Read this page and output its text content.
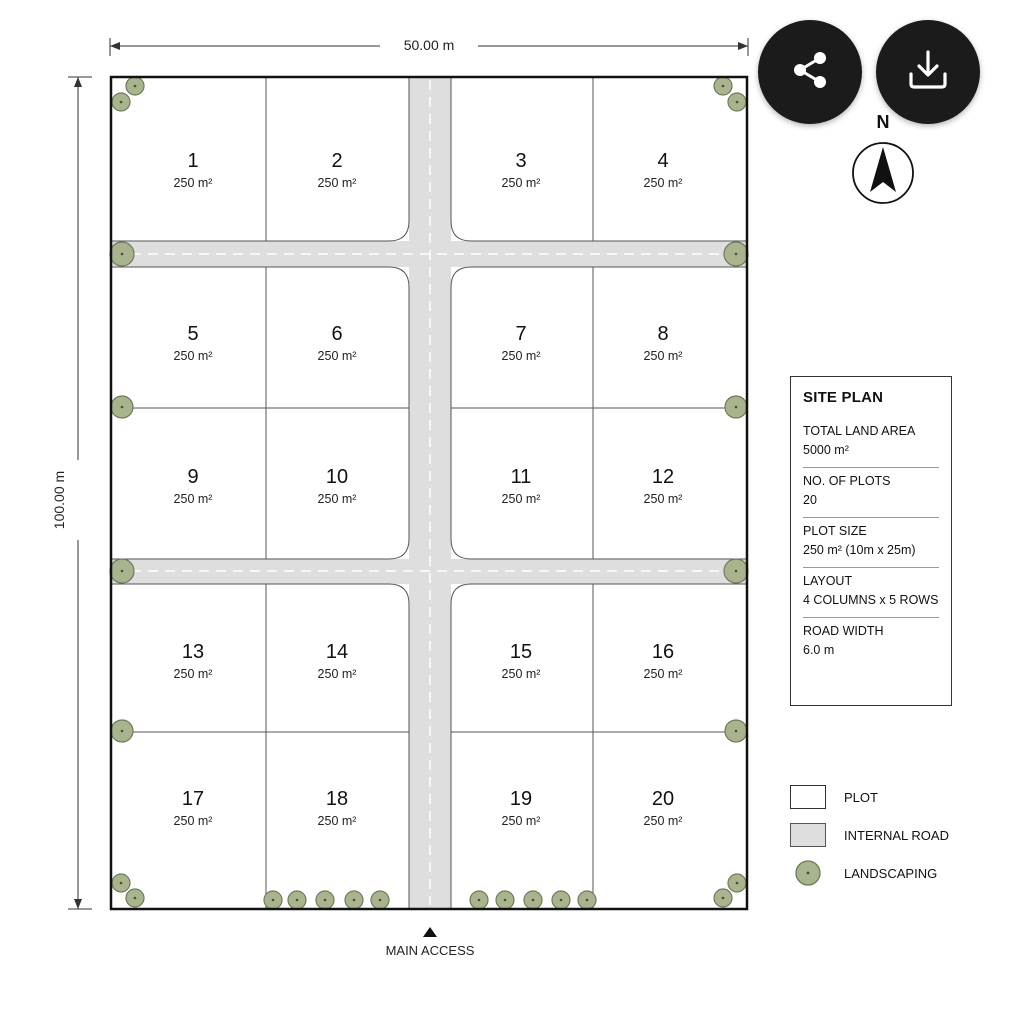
50.00 m
100.00 m
1
250 m²
2
250 m²
3
250 m²
4
250 m²
5
250 m²
6
250 m²
7
250 m²
8
250 m²
9
250 m²
10
250 m²
11
250 m²
12
250 m²
13
250 m²
14
250 m²
15
250 m²
16
250 m²
17
250 m²
18
250 m²
19
250 m²
20
250 m²
MAIN ACCESS
N
SITE PLAN
TOTAL LAND AREA
5000 m²
NO. OF PLOTS
20
PLOT SIZE
250 m² (10m x 25m)
LAYOUT
4 COLUMNS x 5 ROWS
ROAD WIDTH
6.0 m
PLOT
INTERNAL ROAD
LANDSCAPING
